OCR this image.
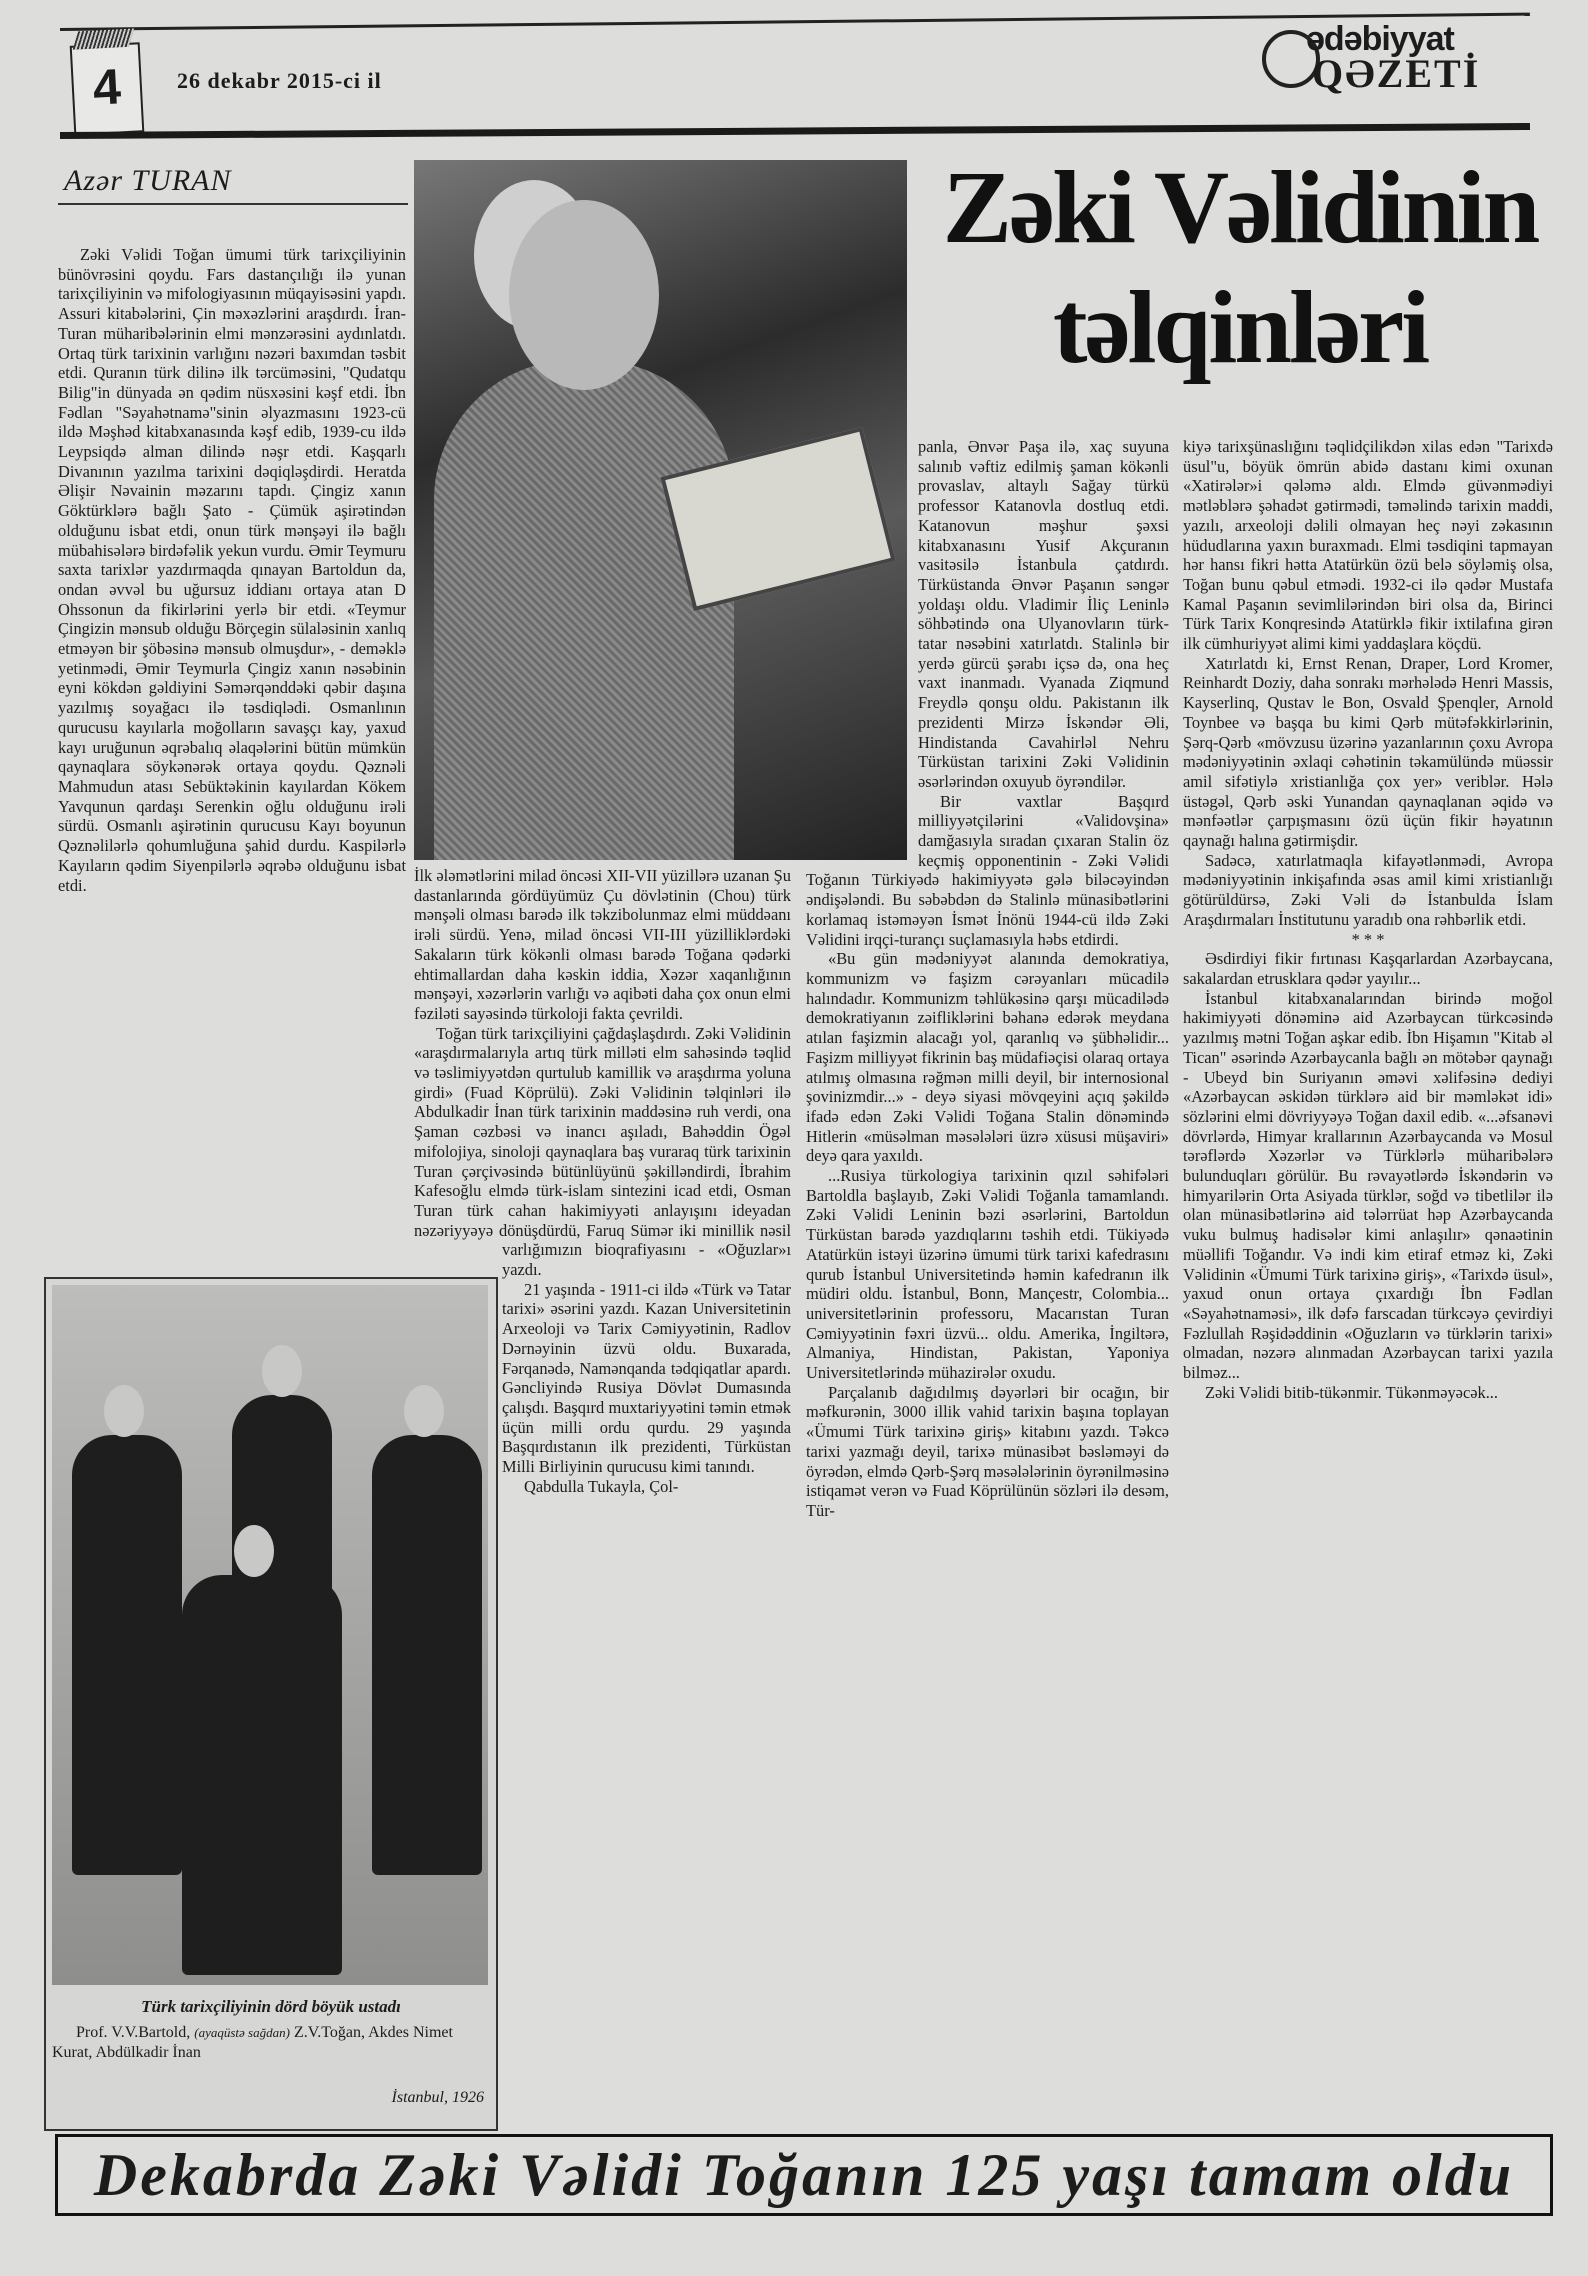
4	26 dekabr 2015-ci il
ədəbiyyat
QƏZETİ
Azər TURAN

Zəki Vəlidi Toğan ümumi türk tarixçiliyinin bünövrəsini qoydu. Fars dastançılığı ilə yunan tarixçiliyinin və mifologiyasının müqayisəsini yapdı. Assuri kitabələrini, Çin məxəzlərini araşdırdı. İran-Turan müharibələrinin elmi mənzərəsini aydınlatdı. Ortaq türk tarixinin varlığını nəzəri baxımdan təsbit etdi. Quranın türk dilinə ilk tərcüməsini, "Qudatqu Bilig"in dünyada ən qədim nüsxəsini kəşf etdi. İbn Fədlan "Səyahətnamə"sinin əlyazmasını 1923-cü ildə Məşhəd kitabxanasında kəşf edib, 1939-cu ildə Leypsiqdə alman dilində nəşr etdi. Kaşqarlı Divanının yazılma tarixini dəqiqləşdirdi. Heratda Əlişir Nəvainin məzarını tapdı. Çingiz xanın Göktürklərə bağlı Şato - Çümük aşirətindən olduğunu isbat etdi, onun türk mənşəyi ilə bağlı mübahisələrə birdəfəlik yekun vurdu. Əmir Teymuru saxta tarixlər yazdırmaqda qınayan Bartoldun da, ondan əvvəl bu uğursuz iddianı ortaya atan D Ohssonun da fikirlərini yerlə bir etdi. «Teymur Çingizin mənsub olduğu Börçegin sülaləsinin xanlıq etməyən bir şöbəsinə mənsub olmuşdur», - deməklə yetinmədi, Əmir Teymurla Çingiz xanın nəsəbinin eyni kökdən gəldiyini Səmərqənddəki qəbir daşına yazılmış soyağacı ilə təsdiqlədi. Osmanlının qurucusu kayılarla moğolların savaşçı kay, yaxud kayı uruğunun əqrəbalıq əlaqələrini bütün mümkün qaynaqlara söykənərək ortaya qoydu. Qəznəli Mahmudun atası Sebüktəkinin kayılardan Kökem Yavqunun qardaşı Serenkin oğlu olduğunu irəli sürdü. Osmanlı aşirətinin qurucusu Kayı boyunun Qəznəlilərlə qohumluğuna şahid durdu. Kaspilərlə Kayıların qədim Siyenpilərlə əqrəbə olduğunu isbat etdi.

Zəki Vəlidinin
təlqinləri

İlk ələmətlərini milad öncəsi XII-VII yüzillərə uzanan Şu dastanlarında gördüyümüz Çu dövlətinin (Chou) türk mənşəli olması barədə ilk təkzibolunmaz elmi müddəanı irəli sürdü. Yenə, milad öncəsi VII-III yüzilliklərdəki Sakaların türk kökənli olması barədə Toğana qədərki ehtimallardan daha kəskin iddia, Xəzər xaqanlığının mənşəyi, xəzərlərin varlığı və aqibəti daha çox onun elmi fəziləti sayəsində türkoloji fakta çevrildi.

Toğan türk tarixçiliyini çağdaşlaşdırdı. Zəki Vəlidinin «araşdırmalarıyla artıq türk milləti elm sahəsində təqlid və təslimiyyətdən qurtulub kamillik və araşdırma yoluna girdi» (Fuad Köprülü). Zəki Vəlidinin təlqinləri ilə Abdulkadir İnan türk tarixinin maddəsinə ruh verdi, ona Şaman cəzbəsi və inancı aşıladı, Bahəddin Ögəl mifolojiya, sinoloji qaynaqlara baş vuraraq türk tarixinin Turan çərçivəsində bütünlüyünü şəkilləndirdi, İbrahim Kafesoğlu elmdə türk-islam sintezini icad etdi, Osman Turan türk cahan hakimiyyəti anlayışını ideyadan nəzəriyyəyə dönüşdürdü, Faruq Sümər iki minillik nəsil varlığımızın bioqrafiyasını - «Oğuzlar»ı yazdı.

21 yaşında - 1911-ci ildə «Türk və Tatar tarixi» əsərini yazdı. Kazan Universitetinin Arxeoloji və Tarix Cəmiyyətinin, Radlov Dərnəyinin üzvü oldu. Buxarada, Fərqanədə, Namənqanda tədqiqatlar apardı. Gəncliyində Rusiya Dövlət Dumasında çalışdı. Başqırd muxtariyyətini təmin etmək üçün milli ordu qurdu. 29 yaşında Başqırdıstanın ilk prezidenti, Türküstan Milli Birliyinin qurucusu kimi tanındı.

Qabdulla Tukayla, Çol-

Türk tarixçiliyinin dörd böyük ustadı
Prof. V.V.Bartold, (ayaqüstə sağdan) Z.V.Toğan, Akdes Nimet Kurat, Abdülkadir İnan
İstanbul, 1926

panla, Ənvər Paşa ilə, xaç suyuna salınıb vəftiz edilmiş şaman kökənli provaslav, altaylı Sağay türkü professor Katanovla dostluq etdi. Katanovun məşhur şəxsi kitabxanasını Yusif Akçuranın vasitəsilə İstanbula çatdırdı. Türküstanda Ənvər Paşanın səngər yoldaşı oldu. Vladimir İliç Leninlə söhbətində ona Ulyanovların türk-tatar nəsəbini xatırlatdı. Stalinlə bir yerdə gürcü şərabı içsə də, ona heç vaxt inanmadı. Vyanada Ziqmund Freydlə qonşu oldu. Pakistanın ilk prezidenti Mirzə İskəndər Əli, Hindistanda Cavahirləl Nehru Türküstan tarixini Zəki Vəlidinin əsərlərindən oxuyub öyrəndilər.

Bir vaxtlar Başqırd milliyyətçilərini «Validovşina» damğasıyla sıradan çıxaran Stalin öz keçmiş opponentinin - Zəki Vəlidi Toğanın Türkiyədə hakimiyyətə gələ biləcəyindən əndişələndi. Bu səbəbdən də Stalinlə münasibətlərini korlamaq istəməyən İsmət İnönü 1944-cü ildə Zəki Vəlidini irqçi-turançı suçlamasıyla həbs etdirdi.

«Bu gün mədəniyyət alanında demokratiya, kommunizm və faşizm cərəyanları mücadilə halındadır. Kommunizm təhlükəsinə qarşı mücadilədə demokratiyanın zəifliklərini bəhanə edərək meydana atılan faşizmin alacağı yol, qaranlıq və şübhəlidir... Faşizm milliyyət fikrinin baş müdafiəçisi olaraq ortaya atılmış olmasına rəğmən milli deyil, bir internosional şovinizmdir...» - deyə siyasi mövqeyini açıq şəkildə ifadə edən Zəki Vəlidi Toğana Stalin dönəmində Hitlerin «müsəlman məsələləri üzrə xüsusi müşaviri» deyə qara yaxıldı.

...Rusiya türkologiya tarixinin qızıl səhifələri Bartoldla başlayıb, Zəki Vəlidi Toğanla tamamlandı. Zəki Vəlidi Leninin bəzi əsərlərini, Bartoldun Türküstan barədə yazdıqlarını təshih etdi. Tükiyədə Atatürkün istəyi üzərinə ümumi türk tarixi kafedrasını qurub İstanbul Universitetində həmin kafedranın ilk müdiri oldu. İstanbul, Bonn, Mançestr, Colombia... universitetlərinin professoru, Macarıstan Turan Cəmiyyətinin fəxri üzvü... oldu. Amerika, İngiltərə, Almaniya, Hindistan, Pakistan, Yaponiya Universitetlərində mühazirələr oxudu.

Parçalanıb dağıdılmış dəyərləri bir ocağın, bir məfkurənin, 3000 illik vahid tarixin başına toplayan «Ümumi Türk tarixinə giriş» kitabını yazdı. Təkcə tarixi yazmağı deyil, tarixə münasibət bəsləməyi də öyrədən, elmdə Qərb-Şərq məsələlərinin öyrənilməsinə istiqamət verən və Fuad Köprülünün sözləri ilə desəm, Tür-

kiyə tarixşünaslığını təqlidçilikdən xilas edən "Tarixdə üsul"u, böyük ömrün abidə dastanı kimi oxunan «Xatirələr»i qələmə aldı. Elmdə güvənmədiyi mətləblərə şəhadət gətirmədi, təməlində tarixin maddi, yazılı, arxeoloji dəlili olmayan heç nəyi zəkasının hüdudlarına yaxın buraxmadı. Elmi təsdiqini tapmayan hər hansı fikri hətta Atatürkün özü belə söyləmiş olsa, Toğan bunu qəbul etmədi. 1932-ci ilə qədər Mustafa Kamal Paşanın sevimlilərindən biri olsa da, Birinci Türk Tarix Konqresində Atatürklə fikir ixtilafına girən ilk cümhuriyyət alimi kimi yaddaşlara köçdü.

Xatırlatdı ki, Ernst Renan, Draper, Lord Kromer, Reinhardt Doziy, daha sonrakı mərhələdə Henri Massis, Kayserlinq, Qustav le Bon, Osvald Şpenqler, Arnold Toynbee və başqa bu kimi Qərb mütəfəkkirlərinin, Şərq-Qərb «mövzusu üzərinə yazanlarının çoxu Avropa mədəniyyətinin əxlaqi cəhətinin təkamülündə müəssir amil sifətiylə xristianlığa çox yer» veriblər. Hələ üstəgəl, Qərb əski Yunandan qaynaqlanan əqidə və mənfəətlər çarpışmasını özü üçün fikir həyatının qaynağı halına gətirmişdir.

Sadəcə, xatırlatmaqla kifayətlənmədi, Avropa mədəniyyətinin inkişafında əsas amil kimi xristianlığı götürüldürsə, Zəki Vəli də İstanbulda İslam Araşdırmaları İnstitutunu yaradıb ona rəhbərlik etdi.

* * *

Əsdirdiyi fikir fırtınası Kaşqarlardan Azərbaycana, sakalardan etrusklara qədər yayılır...

İstanbul kitabxanalarından birində moğol hakimiyyəti dönəminə aid Azərbaycan türkcəsində yazılmış mətni Toğan aşkar edib. İbn Hişamın "Kitab əl Tican" əsərində Azərbaycanla bağlı ən mötəbər qaynağı - Ubeyd bin Suriyanın əməvi xəlifəsinə dediyi «Azərbaycan əskidən türklərə aid bir məmləkət idi» sözlərini elmi dövriyyəyə Toğan daxil edib. «...əfsanəvi dövrlərdə, Himyar krallarının Azərbaycanda və Mosul tərəflərdə Xəzərlər və Türklərlə müharibələrə bulunduqları görülür. Bu rəvayətlərdə İskəndərin və himyarilərin Orta Asiyada türklər, soğd və tibetlilər ilə olan münasibətlərinə aid tələrrüat həp Azərbaycanda vuku bulmuş hadisələr kimi anlaşılır» qənaətinin müəllifi Toğandır. Və indi kim etiraf etməz ki, Zəki Vəlidinin «Ümumi Türk tarixinə giriş», «Tarixdə üsul», yaxud onun ortaya çıxardığı İbn Fədlan «Səyahətnaməsi», ilk dəfə farscadan türkcəyə çevirdiyi Fəzlullah Rəşidəddinin «Oğuzların və türklərin tarixi» olmadan, nəzərə alınmadan Azərbaycan tarixi yazıla bilməz...

Zəki Vəlidi bitib-tükənmir. Tükənməyəcək...

Dekabrda Zəki Vəlidi Toğanın 125 yaşı tamam oldu
